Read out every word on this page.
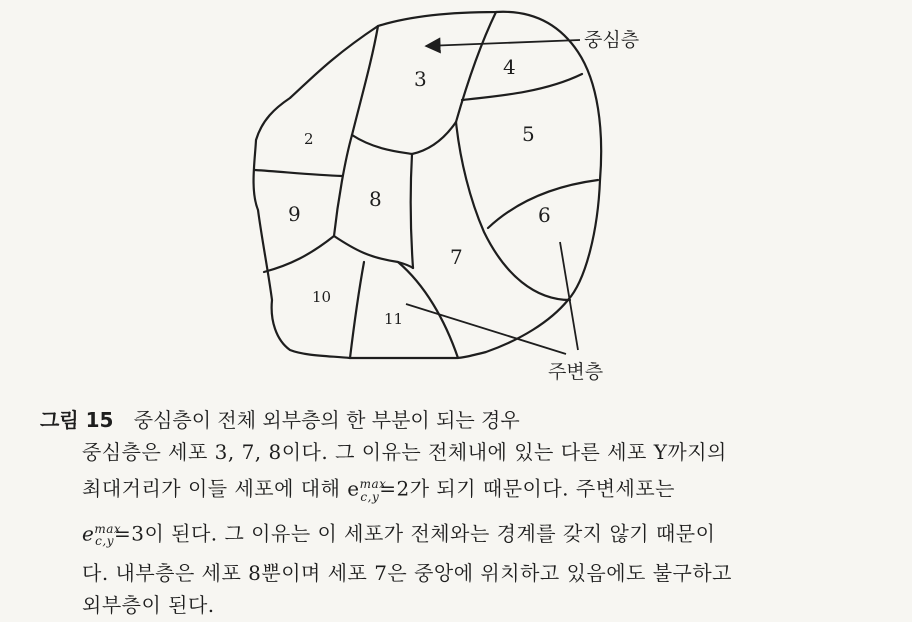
2
3	4
5
6
7
8
9
10
11
중심층
주변층
그림 15 중심층이 전체 외부층의 한 부분이 되는 경우
중심층은 세포 3, 7, 8이다. 그 이유는 전체내에 있는 다른 세포 Y까지의
최대거리가 이들 세포에 대해 $e^{max}_{c,y}=2$가 되기 때문이다. 주변세포는
$e^{max}_{c,y}=3$이 된다. 그 이유는 이 세포가 전체와는 경계를 갖지 않기 때문이
다. 내부층은 세포 8뿐이며 세포 7은 중앙에 위치하고 있음에도 불구하고
외부층이 된다.
